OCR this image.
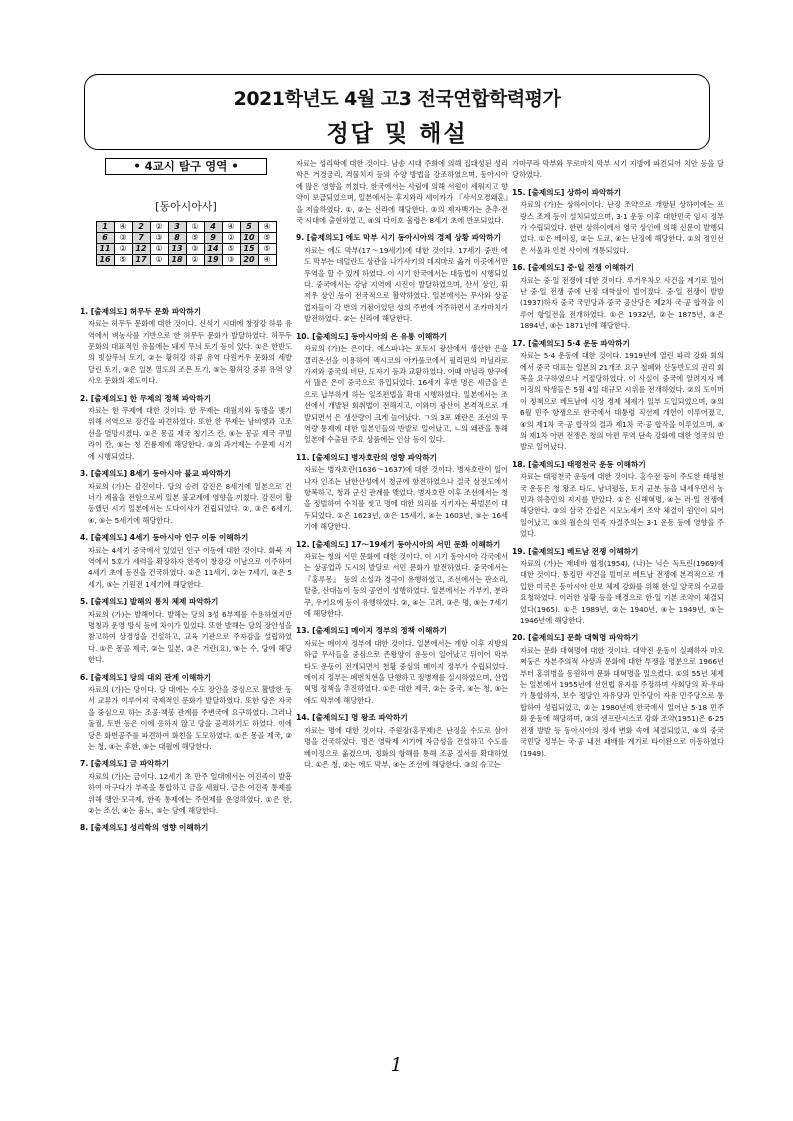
2021학년도 4월 고3 전국연합학력평가
정답 및 해설
• 4교시 탐구 영역 •
[동아시아사]
1	④	2	②	3	①	4	④	5	④
6	③	7	③	8	⑤	9	②	10	⑤
11	②	12	①	13	③	14	⑤	15	⑤
16	⑤	17	①	18	②	19	③	20	④
1. [출제의도] 허무두 문화 파악하기
자료는 허무두 문화에 대한 것이다. 신석기 시대에 창장강 하류 유역에서 벼농사를 기반으로 한 허무두 문화가 발달하였다. 허무두 문화의 대표적인 유물에는 돼지 무늬 토기 등이 있다. ①은 한반도의 빗살무늬 토기, ②는 황허강 하류 유역 다원커우 문화의 세발 달린 토기, ③은 일본 열도의 조몬 토기, ⑤는 황허강 중류 유역 양사오 문화의 채도이다.
2. [출제의도] 한 무제의 정책 파악하기
자료는 한 무제에 대한 것이다. 한 무제는 대월지와 동맹을 맺기 위해 서역으로 장건을 파견하였다. 또한 한 무제는 남비엣과 고조선을 멸망시켰다. ①은 몽골 제국 칭기즈 칸, ④는 몽골 제국 쿠빌라이 칸, ⑤는 청 건륭제에 해당한다. ③의 과거제는 수문제 시기에 시행되었다.
3. [출제의도] 8세기 동아시아 불교 파악하기
자료의 (가)는 감진이다. 당의 승려 감진은 8세기에 일본으로 건너가 계율을 전함으로써 일본 불교계에 영향을 끼쳤다. 감진이 활동했던 시기 일본에서는 도다이사가 건립되었다. ②, ③은 6세기, ④, ⑤는 5세기에 해당한다.
4. [출제의도] 4세기 동아시아 인구 이동 이해하기
자료는 4세기 중국에서 있었던 인구 이동에 대한 것이다. 화북 지역에서 5호가 세력을 확장하자 한족이 창장강 이남으로 이주하여 4세기 초에 동진을 건국하였다. ①은 11세기, ②는 7세기, ③은 5세기, ⑤는 기원전 1세기에 해당한다.
5. [출제의도] 발해의 통치 체제 파악하기
자료의 (가)는 발해이다. 발해는 당의 3성 6부제를 수용하였지만 명칭과 운영 방식 등에 차이가 있었다. 또한 발해는 당의 장안성을 참고하여 상경성을 건설하고, 교육 기관으로 주자감을 설립하였다. ①은 몽골 제국, ②는 일본, ③은 거란(요), ⑤는 수, 당에 해당한다.
6. [출제의도] 당의 대외 관계 이해하기
자료의 (가)는 당이다. 당 대에는 수도 장안을 중심으로 활발한 동서 교류가 이루어져 국제적인 문화가 발달하였다. 또한 당은 자국을 중심으로 하는 조공·책봉 관계를 주변국에 요구하였다. 그러나 돌궐, 토번 등은 이에 응하지 않고 당을 공격하기도 하였다. 이에 당은 화번공주를 파견하여 화친을 도모하였다. ①은 몽골 제국, ②는 청, ④는 후한, ⑤는 대월에 해당한다.
7. [출제의도] 금 파악하기
자료의 (가)는 금이다. 12세기 초 만주 일대에서는 여진족이 발흥하여 아구다가 부족을 통합하고 금을 세웠다. 금은 여진족 통제를 위해 맹안·모극제, 한족 통제에는 주현제를 운영하였다. ①은 한, ②는 조선, ④는 흉노, ⑤는 당에 해당한다.
8. [출제의도] 성리학의 영향 이해하기
자료는 성리학에 대한 것이다. 남송 시대 주희에 의해 집대성된 성리학은 거경궁리, 격물치지 등의 수양 방법을 강조하였으며, 동아시아에 많은 영향을 끼쳤다. 한국에서는 사림에 의해 서원이 세워지고 향약이 보급되었으며, 일본에서는 후지와라 세이카가 『사서오경왜훈』을 저술하였다. ①, ②는 신라에 해당한다. ③의 제자백가는 춘추·전국 시대에 출현하였고, ④의 다이호 율령은 8세기 초에 반포되었다.
9. [출제의도] 에도 막부 시기 동아시아의 경제 상황 파악하기
자료는 에도 막부(17～19세기)에 대한 것이다. 17세기 중반 에도 막부는 네덜란드 상관을 나가사키의 데지마로 옮겨 이곳에서만 무역을 할 수 있게 하였다. 이 시기 한국에서는 대동법이 시행되었다. 중국에서는 강남 지역에 시진이 발달하였으며, 산서 상인, 휘저우 상인 등이 전국적으로 활약하였다. 일본에서는 무사와 상공업자들이 각 번의 거점이었던 성의 주변에 거주하면서 조카마치가 발전하였다. ②는 신라에 해당한다.
10. [출제의도] 동아시아의 은 유통 이해하기
자료의 (가)는 은이다. 에스파냐는 포토시 광산에서 생산한 은을 갤리온선을 이용하여 멕시코의 아카풀코에서 필리핀의 마닐라로 가져와 중국의 비단, 도자기 등과 교환하였다. 이때 마닐라 항구에서 많은 은이 중국으로 유입되었다. 16세기 후반 명은 세금을 은으로 납부하게 하는 일조편법을 확대 시행하였다. 일본에서는 조선에서 개발된 회취법이 전해지고, 이와미 광산이 본격적으로 개발되면서 은 생산량이 크게 늘어났다. ㄱ의 3포 왜란은 조선의 무역량 통제에 대한 일본인들의 반발로 일어났고, ㄴ의 왜관을 통해 일본에 수출된 주요 상품에는 인삼 등이 있다.
11. [출제의도] 병자호란의 영향 파악하기
자료는 병자호란(1636～1637)에 대한 것이다. 병자호란이 일어나자 인조는 남한산성에서 청군에 항전하였으나 결국 삼전도에서 항복하고, 청과 군신 관계를 맺었다. 병자호란 이후 조선에서는 청을 정벌하여 수치를 씻고 명에 대한 의리를 지키자는 북벌론이 대두되었다. ①은 1623년, ③은 15세기, ④는 1603년, ⑤는 16세기에 해당한다.
12. [출제의도] 17～19세기 동아시아의 서민 문화 이해하기
자료는 청의 서민 문화에 대한 것이다. 이 시기 동아시아 각국에서는 상공업과 도시의 발달로 서민 문화가 발전하였다. 중국에서는 『홍루몽』 등의 소설과 경극이 유행하였고, 조선에서는 판소리, 탈춤, 산대놀이 등의 공연이 성행하였다. 일본에서는 가부키, 분라쿠, 우키요에 등이 유행하였다. ②, ④는 고려, ③은 명, ⑤는 7세기에 해당한다.
13. [출제의도] 메이지 정부의 정책 이해하기
자료는 메이지 정부에 대한 것이다. 일본에서는 개항 이후 지방의 하급 무사들을 중심으로 존왕양이 운동이 일어났고 뒤이어 막부 타도 운동이 전개되면서 천황 중심의 메이지 정부가 수립되었다. 메이지 정부는 폐번치현을 단행하고 징병제를 실시하였으며, 산업혁명 정책을 추진하였다. ①은 대한 제국, ②는 중국, ④는 청, ⑤는 에도 막부에 해당한다.
14. [출제의도] 명 왕조 파악하기
자료는 명에 대한 것이다. 주원장(홍무제)은 난징을 수도로 삼아 명을 건국하였다. 명은 영락제 시기에 자금성을 건설하고 수도를 베이징으로 옮겼으며, 정화의 항해를 통해 조공 질서를 확대하였다. ①은 청, ②는 에도 막부, ④는 조선에 해당한다. ③의 슈고는
가마쿠라 막부와 무로마치 막부 시기 지방에 파견되어 치안 등을 담당하였다.
15. [출제의도] 상하이 파악하기
자료의 (가)는 상하이이다. 난징 조약으로 개항된 상하이에는 프랑스 조계 등이 설치되었으며, 3·1 운동 이후 대한민국 임시 정부가 수립되었다. 한편 상하이에서 영국 상인에 의해 신문이 발행되었다. ①은 베이징, ②는 도쿄, ④는 난징에 해당한다. ①의 정인선은 서울과 인천 사이에 개통되었다.
16. [출제의도] 중·일 전쟁 이해하기
자료는 중·일 전쟁에 대한 것이다. 루거우차오 사건을 계기로 일어난 중·일 전쟁 중에 난징 대학살이 벌어졌다. 중·일 전쟁이 발발(1937)하자 중국 국민당과 중국 공산당은 제2차 국·공 합작을 이루어 항일전을 전개하였다. ①은 1932년, ②는 1875년, ③은 1894년, ④는 1871년에 해당한다.
17. [출제의도] 5·4 운동 파악하기
자료는 5·4 운동에 대한 것이다. 1919년에 열린 파리 강화 회의에서 중국 대표는 일본의 21개조 요구 철폐와 산둥반도의 권리 회복을 요구하였으나 거절당하였다. 이 사실이 중국에 알려지자 베이징의 학생들은 5월 4일 대규모 시위를 전개하였다. ②의 도이머이 정책으로 베트남에 시장 경제 체제가 일부 도입되었으며, ③의 6월 민주 항쟁으로 한국에서 대통령 직선제 개헌이 이루어졌고, ④의 제1차 국·공 합작의 결과 제1차 국·공 합작을 이루었으며, ⑤의 제1차 아편 전쟁은 청의 아편 무역 단속 강화에 대한 영국의 반발로 일어났다.
18. [출제의도] 태평천국 운동 이해하기
자료는 태평천국 운동에 대한 것이다. 홍수전 등이 주도한 태평천국 운동은 청 왕조 타도, 남녀평등, 토지 균분 등을 내세우면서 농민과 하층민의 지지를 받았다. ①은 신해혁명, ④는 러·일 전쟁에 해당한다. ③의 삼국 간섭은 시모노세키 조약 체결이 원인이 되어 일어났고, ⑤의 월슨의 민족 자결주의는 3·1 운동 등에 영향을 주었다.
19. [출제의도] 베트남 전쟁 이해하기
자료의 (가)는 제네바 협정(1954), (나)는 닉슨 독트린(1969)에 대한 것이다. 통킹만 사건을 빌미로 베트남 전쟁에 본격적으로 개입한 미국은 동아시아 안보 체제 강화를 위해 한·일 양국의 수교를 요청하였다. 이러한 상황 등을 배경으로 한·일 기본 조약이 체결되었다(1965). ①은 1989년, ②는 1940년, ④는 1949년, ⑤는 1946년에 해당한다.
20. [출제의도] 문화 대혁명 파악하기
자료는 문화 대혁명에 대한 것이다. 대약진 운동이 실패하자 마오쩌둥은 자본주의적 사상과 문화에 대한 투쟁을 명분으로 1966년부터 홍위병을 동원하여 문화 대혁명을 일으켰다. ①의 55년 체제는 일본에서 1955년에 선헌법 유지를 주장하며 사회당의 좌·우파가 통합하자, 보수 정당인 자유당과 민주당이 자유 민주당으로 통합하여 성립되었고, ②는 1980년에 한국에서 일어난 5·18 민주화 운동에 해당하며, ③의 샌프란시스코 강화 조약(1951)은 6·25 전쟁 발발 등 동아시아의 정세 변화 속에 체결되었고, ⑤의 중국 국민당 정부는 국·공 내전 패배를 계기로 타이완으로 이동하였다(1949).
1
